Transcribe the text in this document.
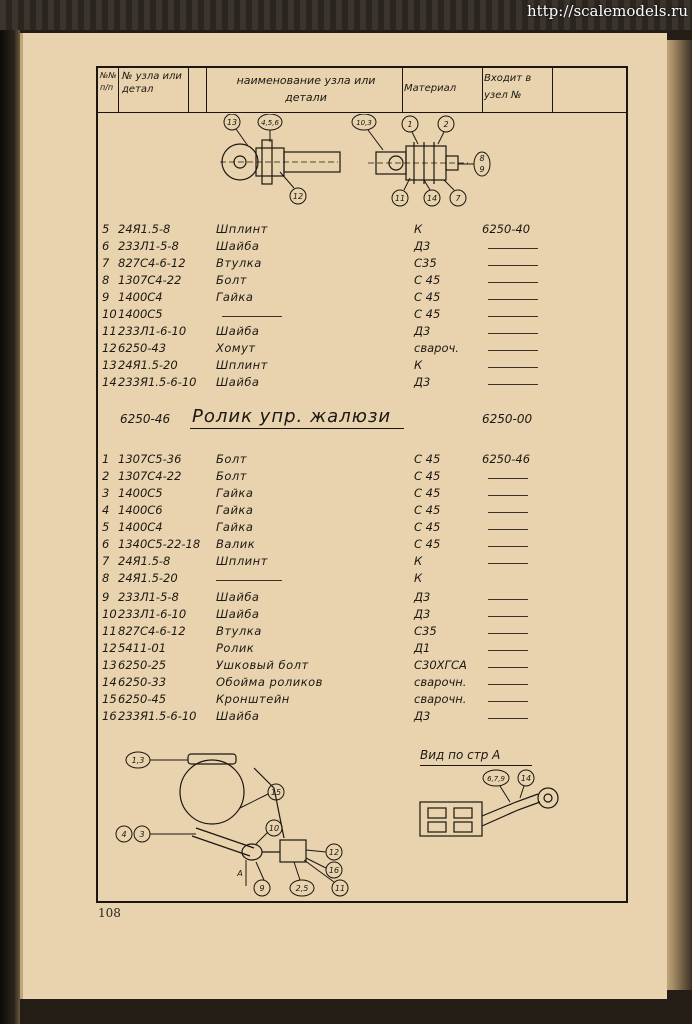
http://scalemodels.ru
№№ п/п
№ узла или детал
наименование узла или детали
Материал
Входит в узел №
13	4,5,6
12
10,3	1	2
8
9
11	14 7
5 24Я1.5-8	Шплинт	К	6250-40
6 233Л1-5-8	Шайба	Д3
7 827С4-6-12	Втулка	С35
8 1307С4-22	Болт	С 45
9 1400С4	Гайка	С 45
10 1400С5	С 45
11 233Л1-6-10	Шайба	Д3
12 6250-43	Хомут	свароч.
13 24Я1.5-20	Шплинт	К
14 233Я1.5-6-10 Шайба	Д3
6250-46 Ролик упр. жалюзи	6250-00
1 1307С5-36	Болт	С 45	6250-46
2 1307С4-22	Болт	С 45
3 1400С5	Гайка	С 45
4 1400С6	Гайка	С 45
5 1400С4	Гайка	С 45
6 1340С5-22-18 Валик	С 45
7 24Я1.5-8	Шплинт	К
8 24Я1.5-20	К
9 233Л1-5-8	Шайба	Д3
10 233Л1-6-10	Шайба	Д3
11 827С4-6-12	Втулка	С35
12 5411-01	Ролик	Д1
13 6250-25	Ушковый болт	С30ХГСА
14 6250-33	Обойма роликов	сварочн.
15 6250-45	Кронштейн	сварочн.
16 233Я1.5-6-10 Шайба	Д3
Вид по стр А
1,3
15
4 3
10
12
16
9	2,5	11
А
6,7,9 14
108
